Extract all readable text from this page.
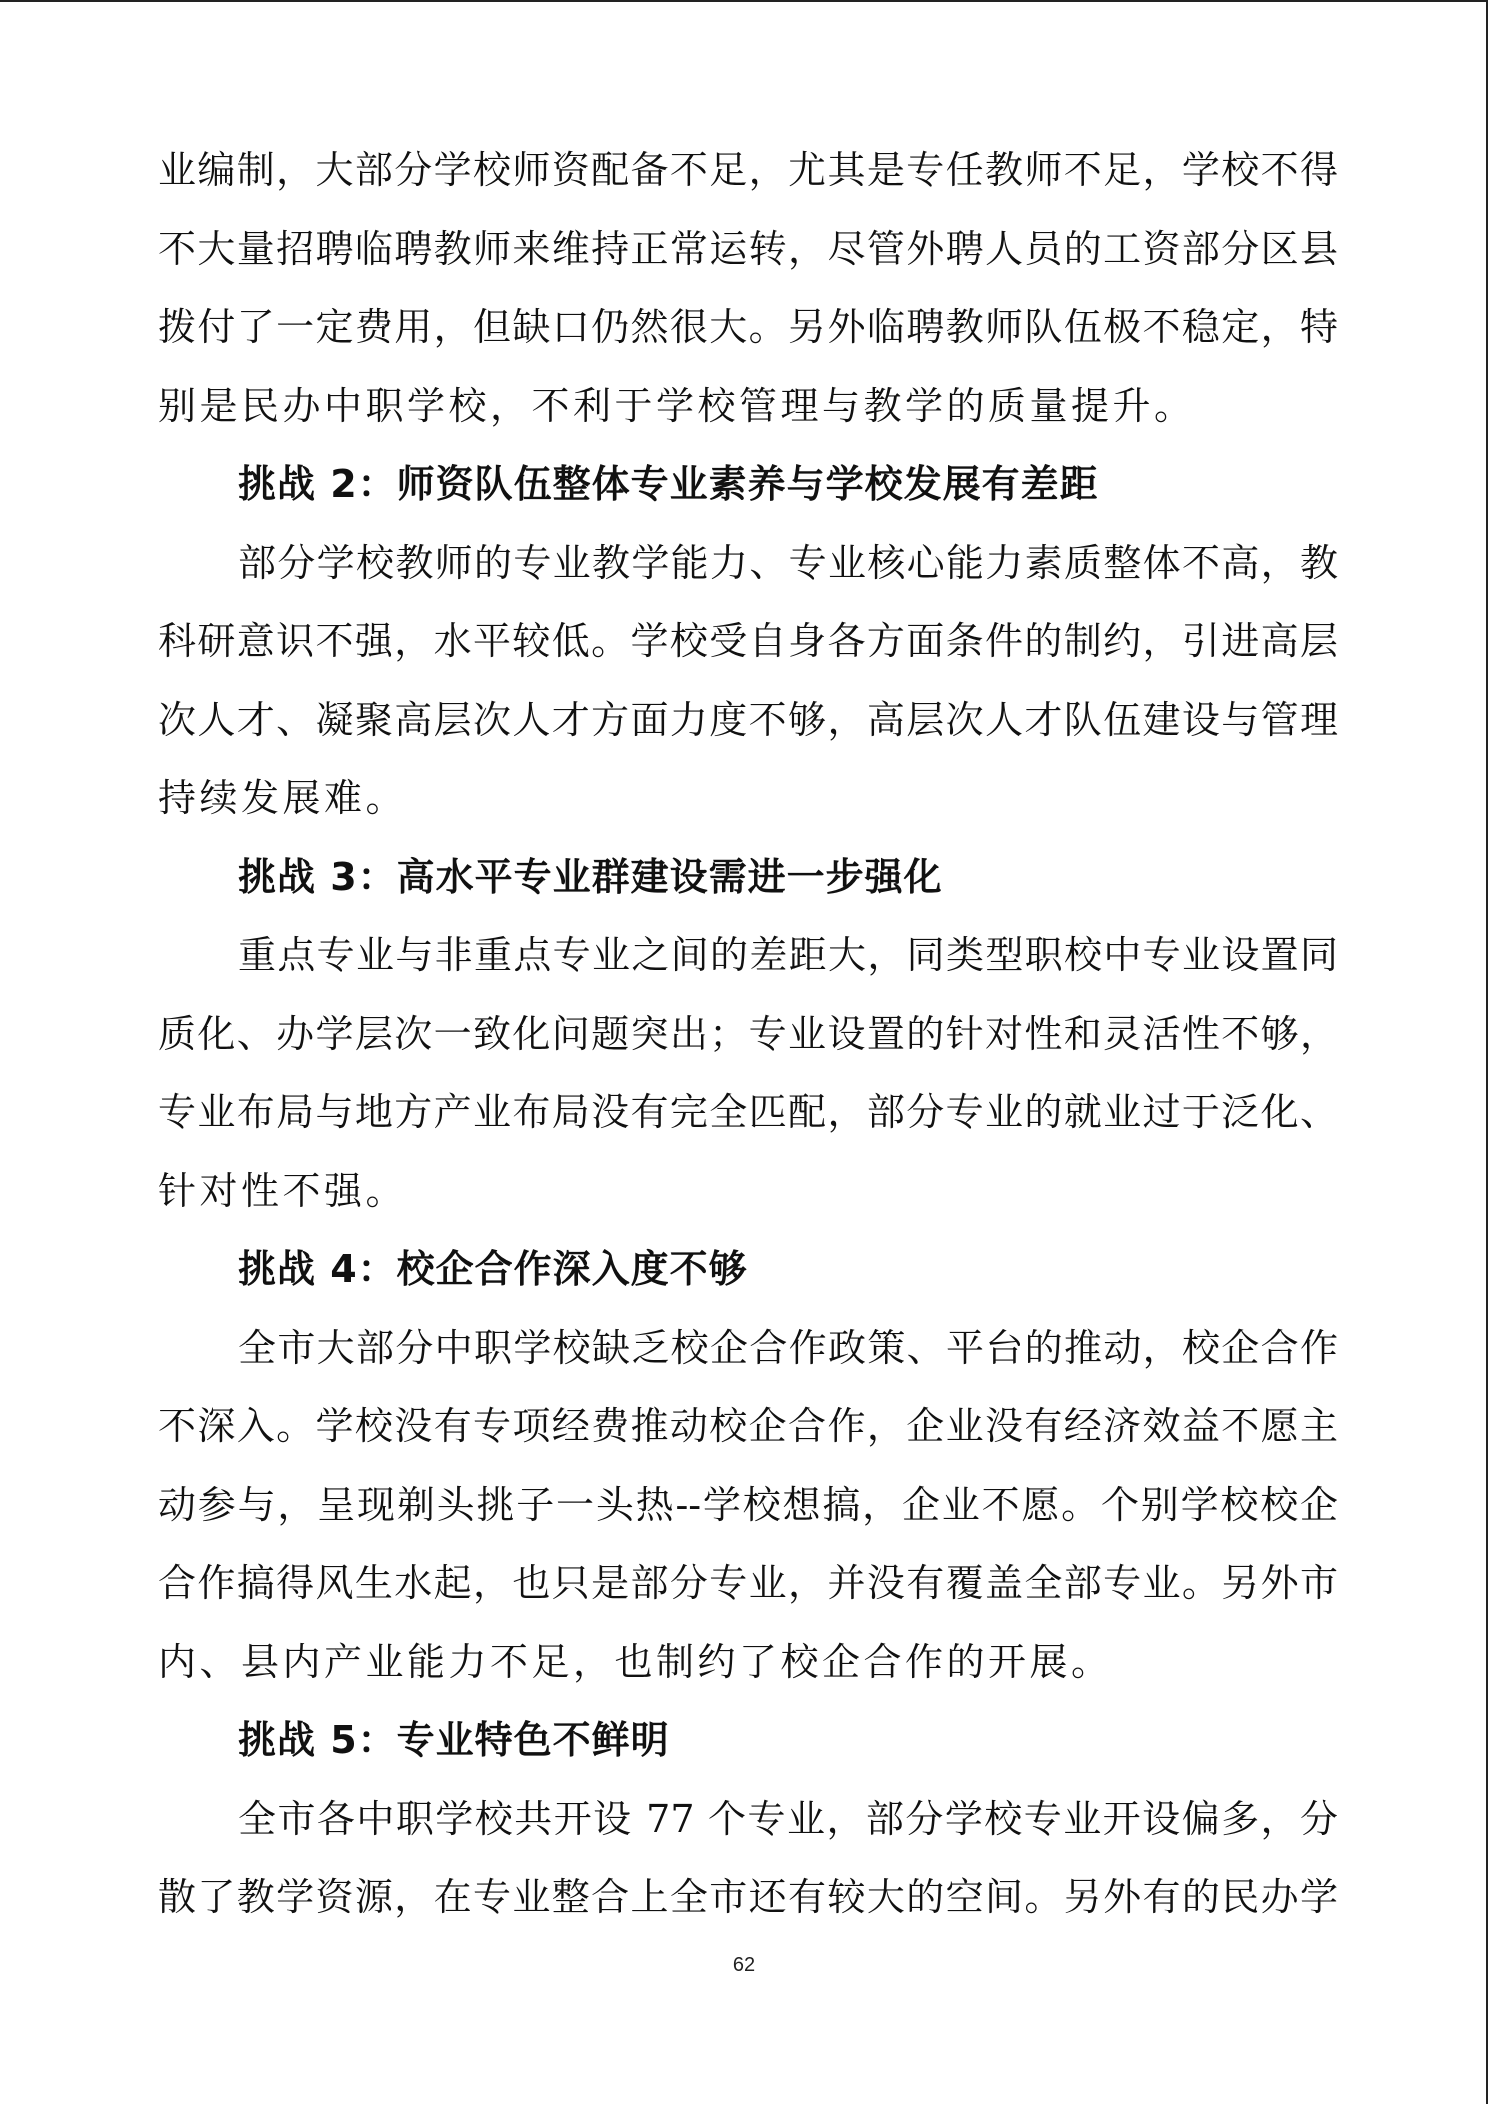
业编制，大部分学校师资配备不足，尤其是专任教师不足，学校不得
不大量招聘临聘教师来维持正常运转，尽管外聘人员的工资部分区县
拨付了一定费用，但缺口仍然很大。另外临聘教师队伍极不稳定，特
别是民办中职学校，不利于学校管理与教学的质量提升。
挑战 2：师资队伍整体专业素养与学校发展有差距
部分学校教师的专业教学能力、专业核心能力素质整体不高，教
科研意识不强，水平较低。学校受自身各方面条件的制约，引进高层
次人才、凝聚高层次人才方面力度不够，高层次人才队伍建设与管理
持续发展难。
挑战 3：高水平专业群建设需进一步强化
重点专业与非重点专业之间的差距大，同类型职校中专业设置同
质化、办学层次一致化问题突出；专业设置的针对性和灵活性不够，
专业布局与地方产业布局没有完全匹配，部分专业的就业过于泛化、
针对性不强。
挑战 4：校企合作深入度不够
全市大部分中职学校缺乏校企合作政策、平台的推动，校企合作
不深入。学校没有专项经费推动校企合作，企业没有经济效益不愿主
动参与，呈现剃头挑子一头热--学校想搞，企业不愿。个别学校校企
合作搞得风生水起，也只是部分专业，并没有覆盖全部专业。另外市
内、县内产业能力不足，也制约了校企合作的开展。
挑战 5：专业特色不鲜明
全市各中职学校共开设 77 个专业，部分学校专业开设偏多，分
散了教学资源，在专业整合上全市还有较大的空间。另外有的民办学
62
